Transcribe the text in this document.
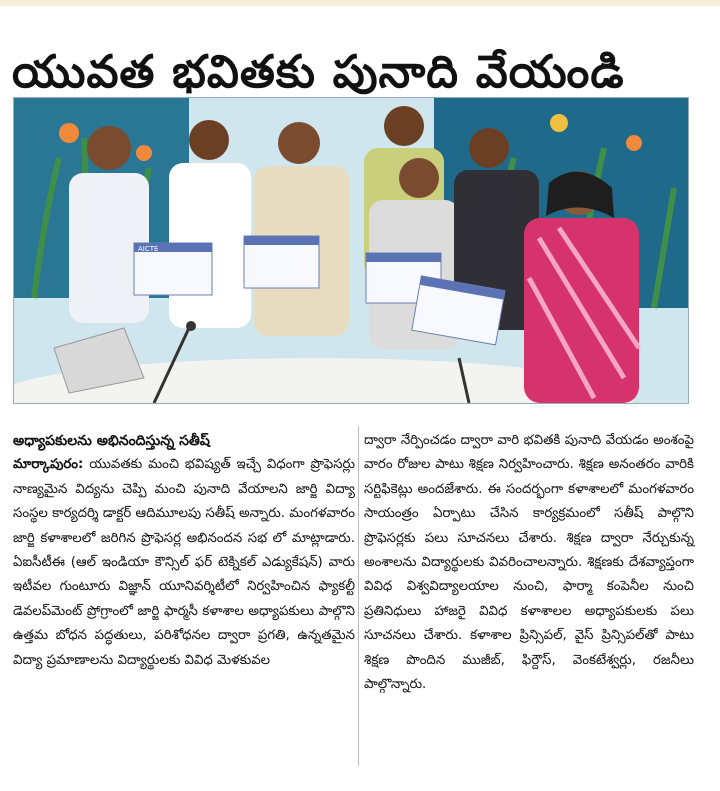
యువత భవితకు పునాది వేయండి
AICTE
అధ్యాపకులను అభినందిస్తున్న సతీష్
మార్కాపురం: యువతకు మంచి భవిష్యత్ ఇచ్చే విధంగా ప్రొఫెసర్లు నాణ్యమైన విద్యను చెప్పి మంచి పునాది వేయాలని జార్జి విద్యా సంస్థల కార్యదర్శి డాక్టర్ ఆదిమూలపు సతీష్ అన్నారు. మంగళవారం జార్జి కళాశాలలో జరిగిన ప్రొఫెసర్ల అభినందన సభ లో మాట్లాడారు. ఏఐసీటీఈ (ఆల్ ఇండియా కౌన్సిల్ ఫర్ టెక్నికల్ ఎడ్యుకేషన్) వారు ఇటీవల గుంటూరు విజ్ఞాన్ యూనివర్శిటీలో నిర్వహించిన ఫ్యాకల్టీ డెవలప్‌మెంట్ ప్రోగ్రాంలో జార్జి ఫార్మసీ కళాశాల అధ్యాపకులు పాల్గొని ఉత్తమ బోధన పద్ధతులు, పరిశోధనల ద్వారా ప్రగతి, ఉన్నతమైన విద్యా ప్రమాణాలను విద్యార్థులకు వివిధ మెళకువల
ద్వారా నేర్పించడం ద్వారా వారి భవితకి పునాది వేయడం అంశంపై వారం రోజుల పాటు శిక్షణ నిర్వహించారు. శిక్షణ అనంతరం వారికి సర్టిఫికెట్లు అందజేశారు. ఈ సందర్భంగా కళాశాలలో మంగళవారం సాయంత్రం ఏర్పాటు చేసిన కార్యక్రమంలో సతీష్ పాల్గొని ప్రొఫెసర్లకు పలు సూచనలు చేశారు. శిక్షణ ద్వారా నేర్చుకున్న అంశాలను విద్యార్థులకు వివరించాలన్నారు. శిక్షణకు దేశవ్యాప్తంగా వివిధ విశ్వవిద్యాలయాల నుంచి, ఫార్మా కంపెనీల నుంచి ప్రతినిధులు హాజరై వివిధ కళాశాలల అధ్యాపకులకు పలు సూచనలు చేశారు. కళాశాల ప్రిన్సిపల్, వైస్ ప్రిన్సిపల్‌తో పాటు శిక్షణ పొందిన ముజీబ్, ఫిర్దౌస్, వెంకటేశ్వర్లు, రజనీలు పాల్గొన్నారు.
